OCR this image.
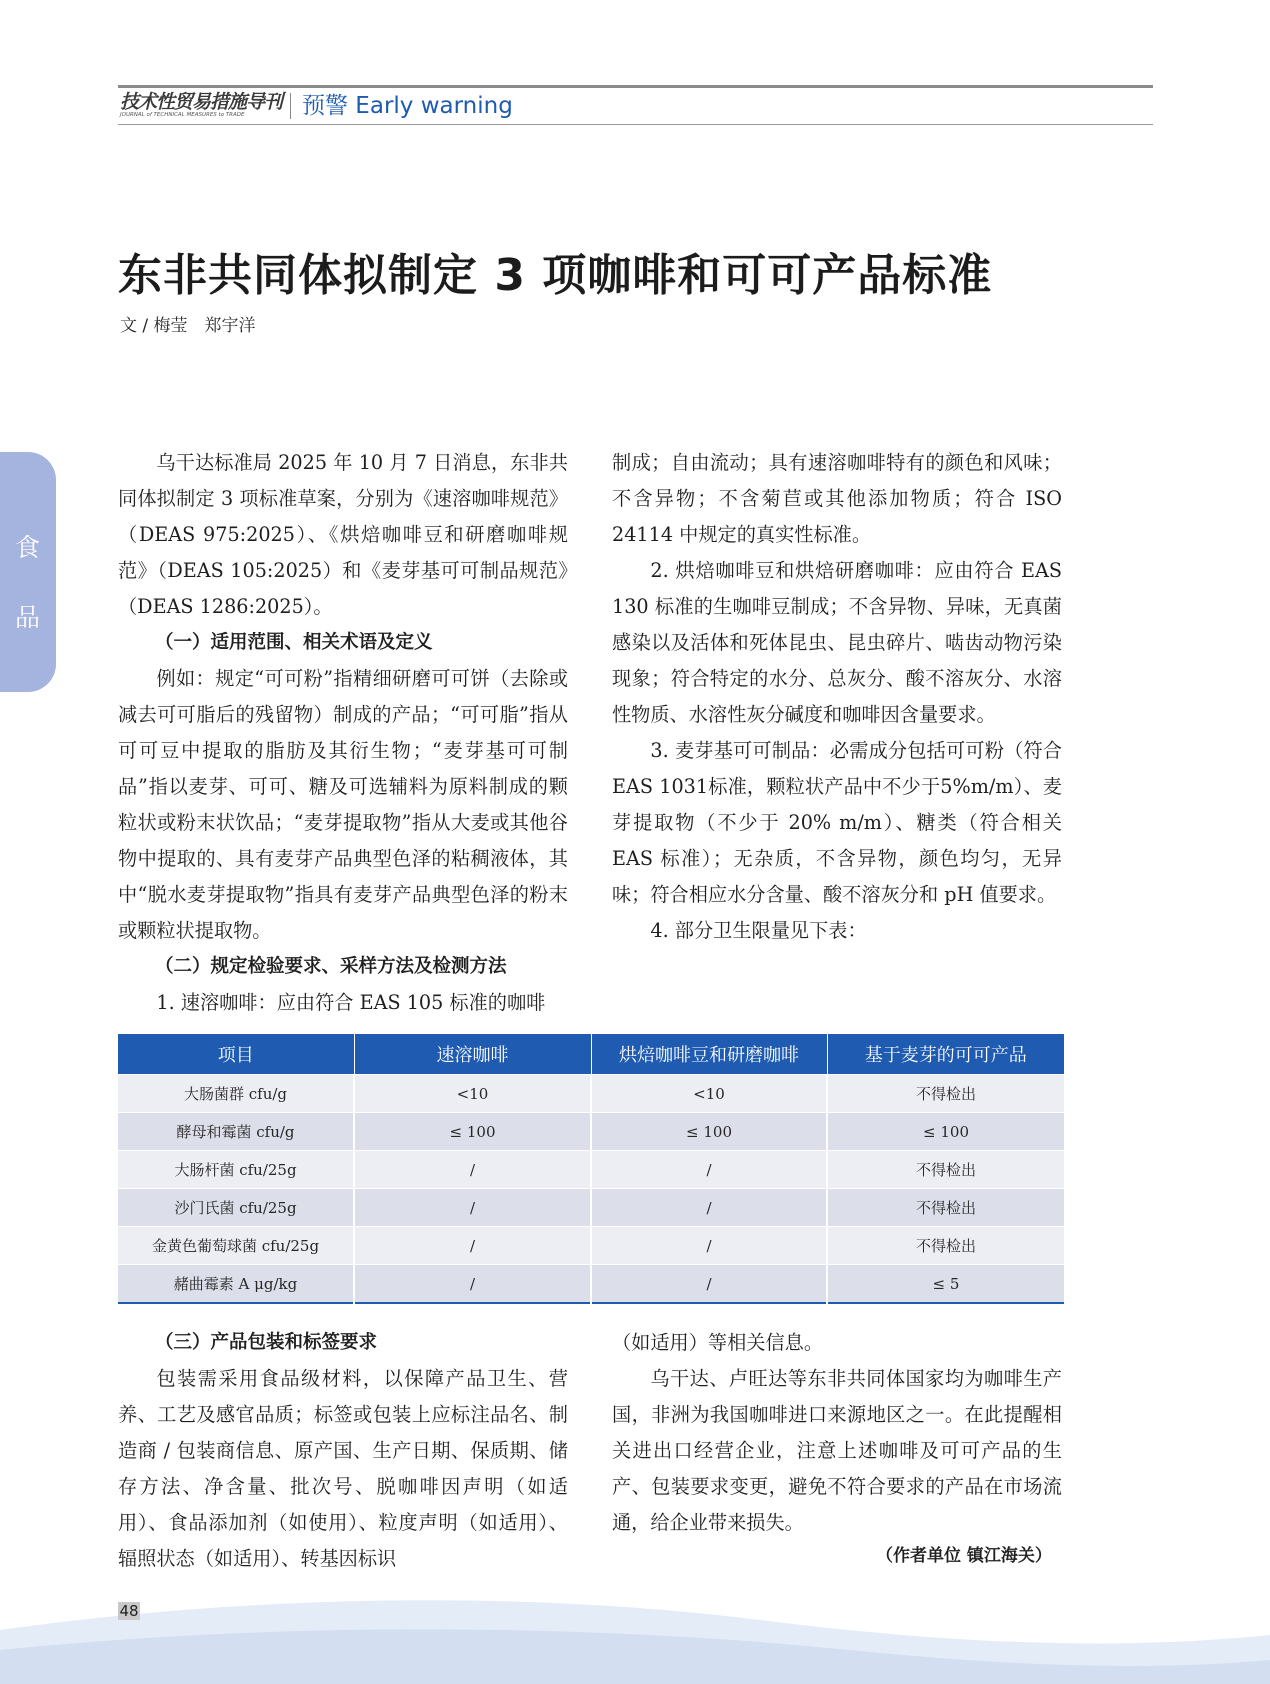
技术性贸易措施导刊
JOURNAL of TECHNICAL MEASURES to TRADE	预警 Early warning
食
品
东非共同体拟制定 3 项咖啡和可可产品标准
文 / 梅莹　郑宇洋

乌干达标准局 2025 年 10 月 7 日消息，东非共同体拟制定 3 项标准草案，分别为《速溶咖啡规范》（DEAS 975:2025）、《烘焙咖啡豆和研磨咖啡规范》（DEAS 105:2025）和《麦芽基可可制品规范》（DEAS 1286:2025）。

（一）适用范围、相关术语及定义

例如：规定“可可粉”指精细研磨可可饼（去除或减去可可脂后的残留物）制成的产品；“可可脂”指从可可豆中提取的脂肪及其衍生物；“麦芽基可可制品”指以麦芽、可可、糖及可选辅料为原料制成的颗粒状或粉末状饮品；“麦芽提取物”指从大麦或其他谷物中提取的、具有麦芽产品典型色泽的粘稠液体，其中“脱水麦芽提取物”指具有麦芽产品典型色泽的粉末或颗粒状提取物。

（二）规定检验要求、采样方法及检测方法

1. 速溶咖啡：应由符合 EAS 105 标准的咖啡

制成；自由流动；具有速溶咖啡特有的颜色和风味；不含异物；不含菊苣或其他添加物质；符合 ISO 24114 中规定的真实性标准。

2. 烘焙咖啡豆和烘焙研磨咖啡：应由符合 EAS 130 标准的生咖啡豆制成；不含异物、异味，无真菌感染以及活体和死体昆虫、昆虫碎片、啮齿动物污染现象；符合特定的水分、总灰分、酸不溶灰分、水溶性物质、水溶性灰分碱度和咖啡因含量要求。

3. 麦芽基可可制品：必需成分包括可可粉（符合EAS 1031标准，颗粒状产品中不少于5%m/m）、麦芽提取物（不少于 20% m/m）、糖类（符合相关 EAS 标准）；无杂质，不含异物，颜色均匀，无异味；符合相应水分含量、酸不溶灰分和 pH 值要求。

4. 部分卫生限量见下表：

项目	速溶咖啡	烘焙咖啡豆和研磨咖啡	基于麦芽的可可产品
大肠菌群 cfu/g	<10	<10	不得检出
酵母和霉菌 cfu/g	≤ 100	≤ 100	≤ 100
大肠杆菌 cfu/25g	/	/	不得检出
沙门氏菌 cfu/25g	/	/	不得检出
金黄色葡萄球菌 cfu/25g	/	/	不得检出
赭曲霉素 A μg/kg	/	/	≤ 5
（三）产品包装和标签要求

包装需采用食品级材料，以保障产品卫生、营养、工艺及感官品质；标签或包装上应标注品名、制造商 / 包装商信息、原产国、生产日期、保质期、储存方法、净含量、批次号、脱咖啡因声明（如适用）、食品添加剂（如使用）、粒度声明（如适用）、辐照状态（如适用）、转基因标识

（如适用）等相关信息。

乌干达、卢旺达等东非共同体国家均为咖啡生产国，非洲为我国咖啡进口来源地区之一。在此提醒相关进出口经营企业，注意上述咖啡及可可产品的生产、包装要求变更，避免不符合要求的产品在市场流通，给企业带来损失。

（作者单位 镇江海关）
48
